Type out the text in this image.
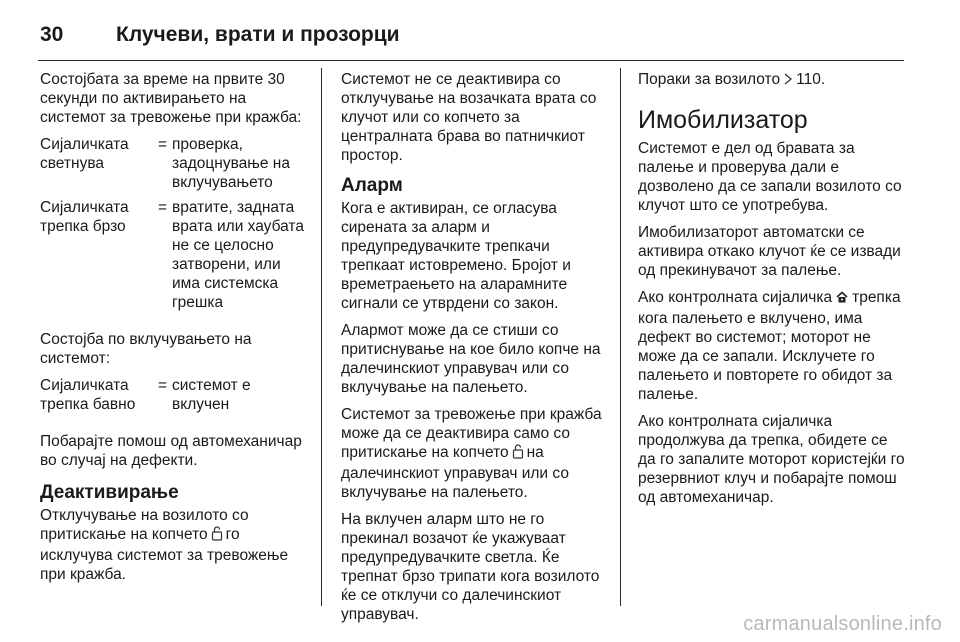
30	Клучеви, врати и прозорци

Состојбата за време на првите 30 секунди по активирањето на системот за тревожење при кражба:

Сијаличката светнува
= проверка, задоцнување на вклучувањето
Сијаличката трепка брзо
= вратите, задната врата или хаубата не се целосно затворени, или има системска грешка

Состојба по вклучувањето на системот:

Сијаличката трепка бавно
= системот е вклучен

Побарајте помош од автомеханичар во случај на дефекти.

Деактивирање

Отклучување на возилото со притискање на копчето го исклучува системот за тревожење при кражба.

Системот не се деактивира со отклучување на возачката врата со клучот или со копчето за централната брава во патничкиот простор.

Аларм

Кога е активиран, се огласува сирената за аларм и предупредувачките трепкачи трепкаат истовремено. Бројот и времетраењето на аларамните сигнали се утврдени со закон.

Алармот може да се стиши со притиснување на кое било копче на далечинскиот управувач или со вклучување на палењето.

Системот за тревожење при кражба може да се деактивира само со притискање на копчето на далечинскиот управувач или со вклучување на палењето.

На вклучен аларм што не го прекинал возачот ќе укажуваат предупредувачките светла. Ќе трепнат брзо трипати кога возилото ќе се отклучи со далечинскиот управувач.

Пораки за возилото 110.

Имобилизатор

Системот е дел од бравата за палење и проверува дали е дозволено да се запали возилото со клучот што се употребува.

Имобилизаторот автоматски се активира откако клучот ќе се извади од прекинувачот за палење.

Ако контролната сијаличка трепка кога палењето е вклучено, има дефект во системот; моторот не може да се запали. Исклучете го палењето и повторете го обидот за палење.

Ако контролната сијаличка продолжува да трепка, обидете се да го запалите моторот користејќи го резервниот клуч и побарајте помош од автомеханичар.

carmanualsonline.info
